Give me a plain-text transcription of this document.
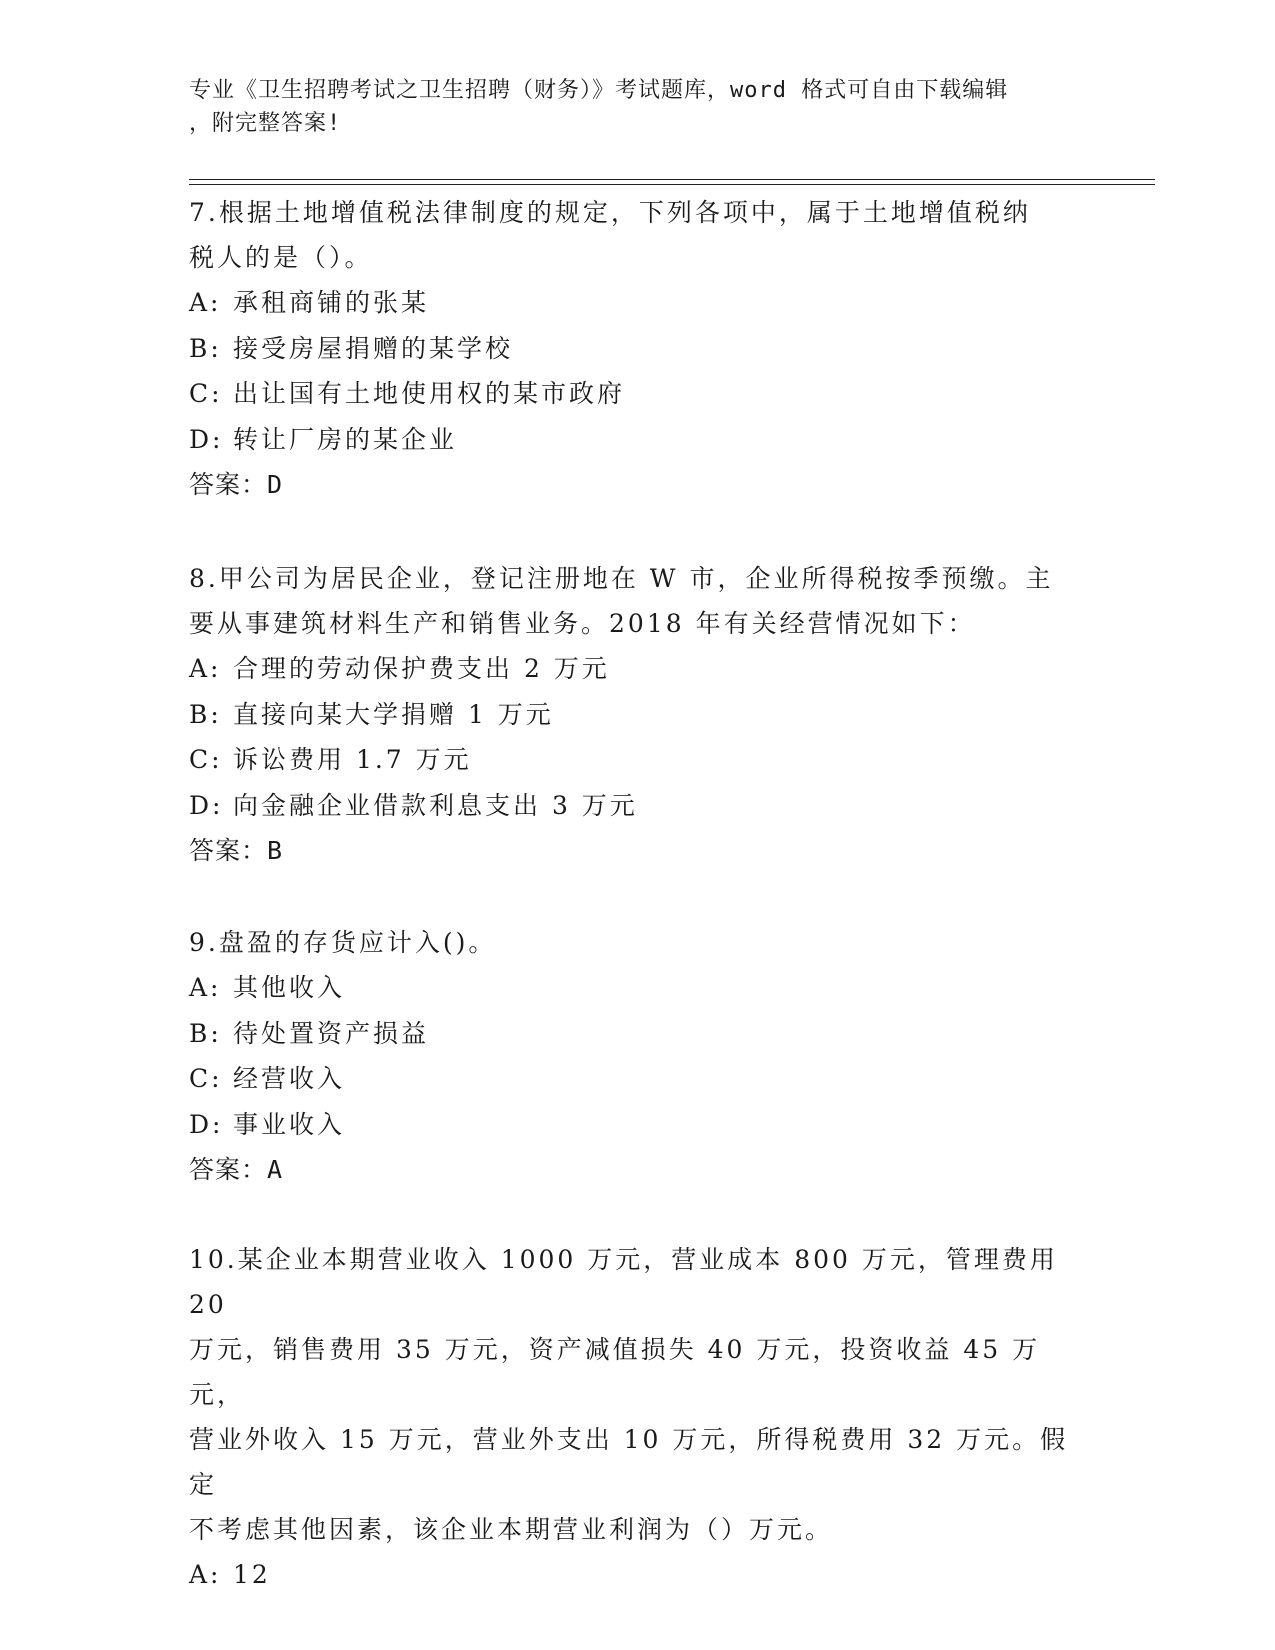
专业《卫生招聘考试之卫生招聘（财务）》考试题库，word 格式可自由下载编辑
，附完整答案!

7.根据土地增值税法律制度的规定，下列各项中，属于土地增值税纳

税人的是（）。

A: 承租商铺的张某

B: 接受房屋捐赠的某学校

C: 出让国有土地使用权的某市政府

D: 转让厂房的某企业

答案：D

8.甲公司为居民企业，登记注册地在 W 市，企业所得税按季预缴。主

要从事建筑材料生产和销售业务。2018 年有关经营情况如下：

A: 合理的劳动保护费支出 2 万元

B: 直接向某大学捐赠 1 万元

C: 诉讼费用 1.7 万元

D: 向金融企业借款利息支出 3 万元

答案：B

9.盘盈的存货应计入()。

A: 其他收入

B: 待处置资产损益

C: 经营收入

D: 事业收入

答案：A

10.某企业本期营业收入 1000 万元，营业成本 800 万元，管理费用 20

万元，销售费用 35 万元，资产减值损失 40 万元，投资收益 45 万元，

营业外收入 15 万元，营业外支出 10 万元，所得税费用 32 万元。假定

不考虑其他因素，该企业本期营业利润为（）万元。

A: 12
